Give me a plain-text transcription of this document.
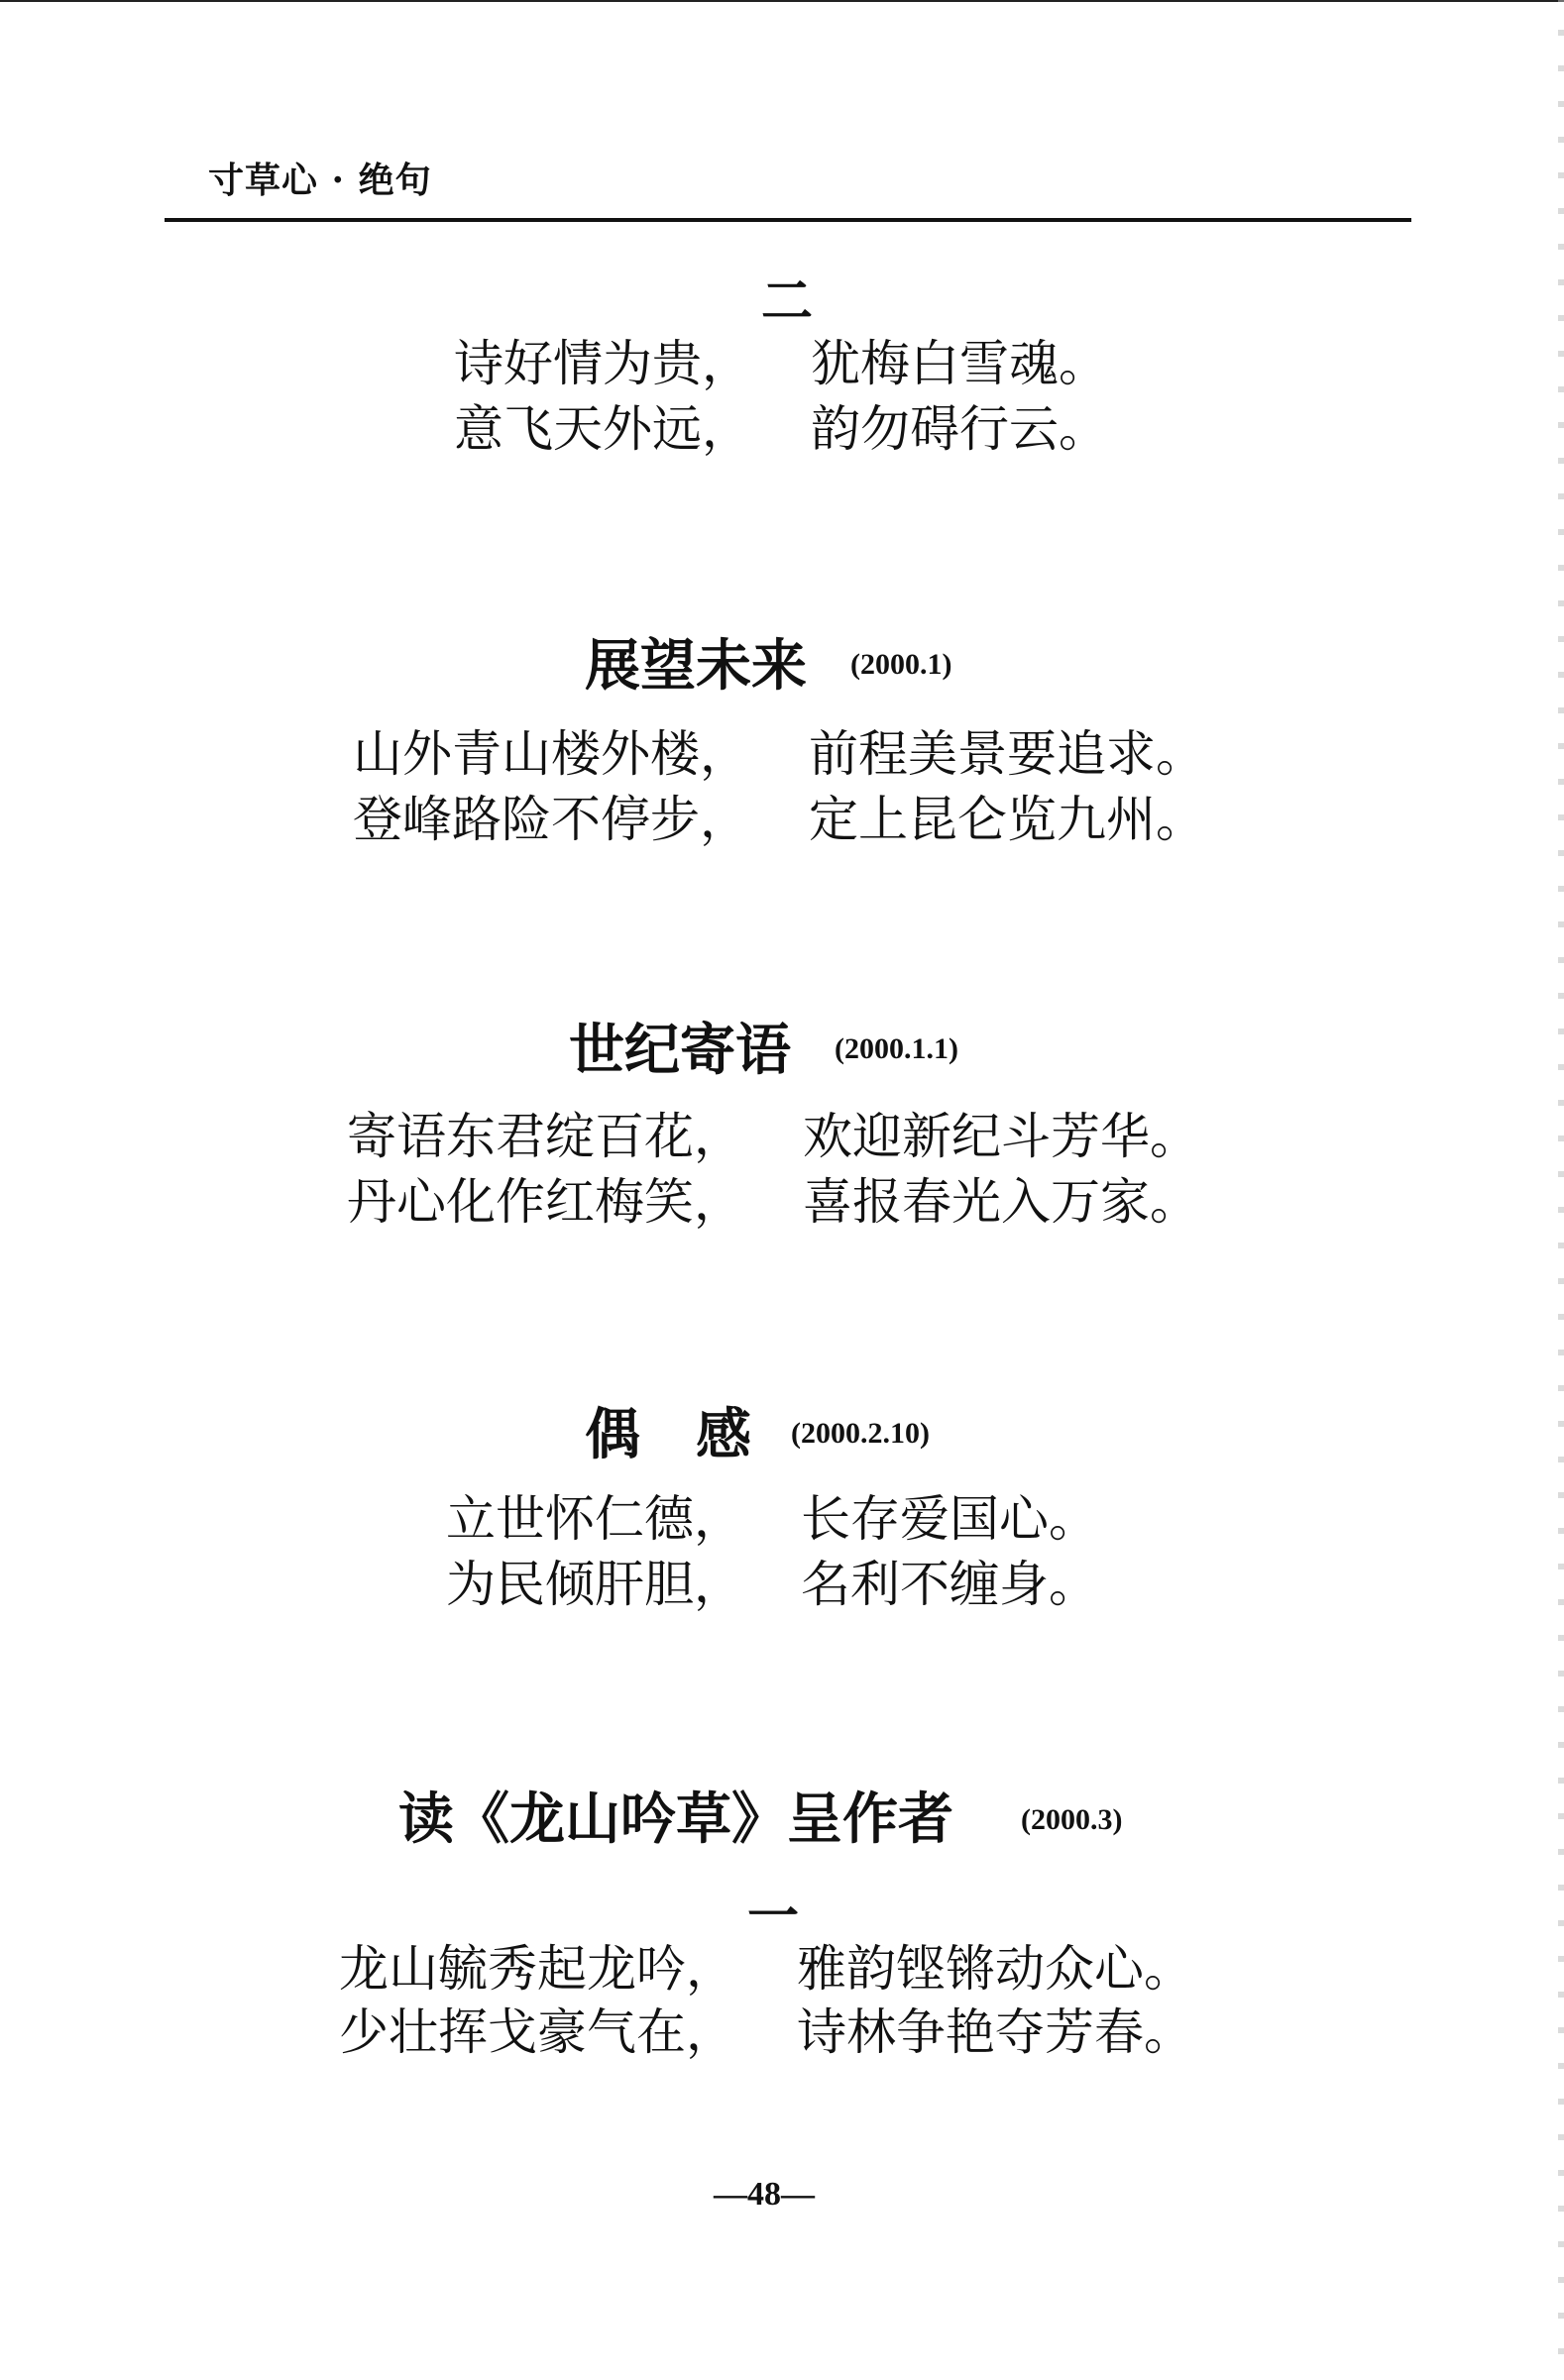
寸草心 · 绝句
二
诗好情为贵， 犹梅白雪魂。
意飞天外远， 韵勿碍行云。
展望未来 (2000.1)
山外青山楼外楼， 前程美景要追求。
登峰路险不停步， 定上昆仑览九州。
世纪寄语 (2000.1.1)
寄语东君绽百花， 欢迎新纪斗芳华。
丹心化作红梅笑， 喜报春光入万家。
偶　感 (2000.2.10)
立世怀仁德， 长存爱国心。
为民倾肝胆， 名利不缠身。
读《龙山吟草》呈作者 (2000.3)
一
龙山毓秀起龙吟， 雅韵铿锵动众心。
少壮挥戈豪气在， 诗林争艳夺芳春。
—48—
